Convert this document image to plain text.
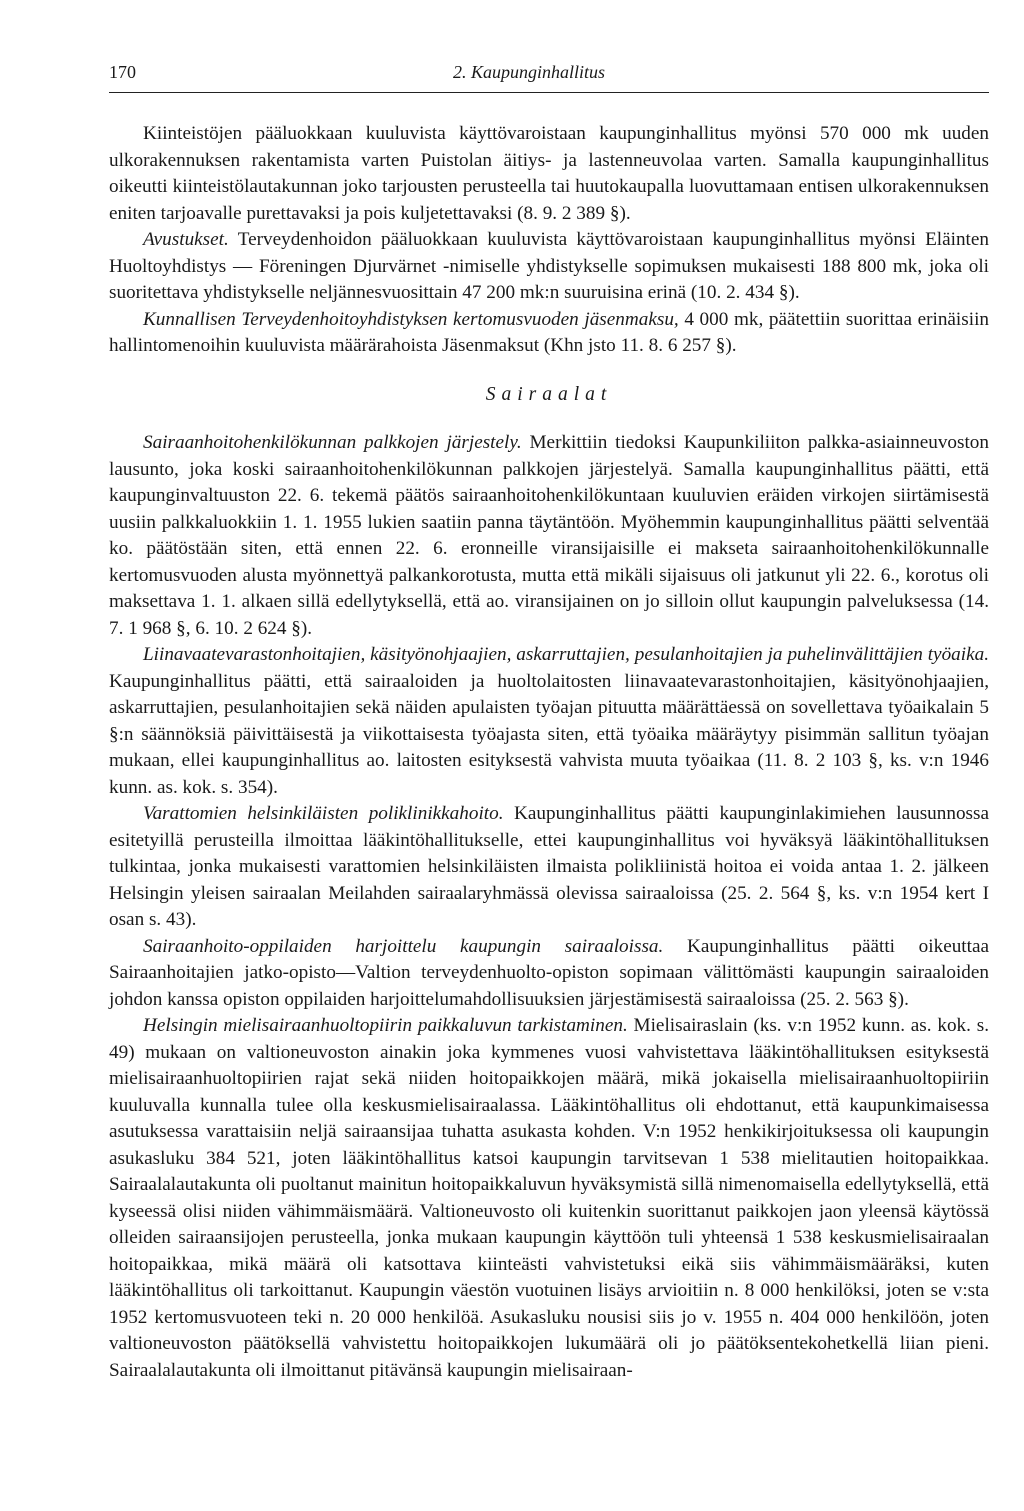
170	2. Kaupunginhallitus

Kiinteistöjen pääluokkaan kuuluvista käyttövaroistaan kaupunginhallitus myönsi 570 000 mk uuden ulkorakennuksen rakentamista varten Puistolan äitiys- ja lastenneuvolaa varten. Samalla kaupunginhallitus oikeutti kiinteistölautakunnan joko tarjousten perusteella tai huutokaupalla luovuttamaan entisen ulkorakennuksen eniten tarjoavalle purettavaksi ja pois kuljetettavaksi (8. 9. 2 389 §).

Avustukset. Terveydenhoidon pääluokkaan kuuluvista käyttövaroistaan kaupunginhallitus myönsi Eläinten Huoltoyhdistys — Föreningen Djurvärnet -nimiselle yhdistykselle sopimuksen mukaisesti 188 800 mk, joka oli suoritettava yhdistykselle neljännesvuosittain 47 200 mk:n suuruisina erinä (10. 2. 434 §).

Kunnallisen Terveydenhoitoyhdistyksen kertomusvuoden jäsenmaksu, 4 000 mk, päätettiin suorittaa erinäisiin hallintomenoihin kuuluvista määrärahoista Jäsenmaksut (Khn jsto 11. 8. 6 257 §).

Sairaalat

Sairaanhoitohenkilökunnan palkkojen järjestely. Merkittiin tiedoksi Kaupunkiliiton palkka-asiainneuvoston lausunto, joka koski sairaanhoitohenkilökunnan palkkojen järjestelyä. Samalla kaupunginhallitus päätti, että kaupunginvaltuuston 22. 6. tekemä päätös sairaanhoitohenkilökuntaan kuuluvien eräiden virkojen siirtämisestä uusiin palkkaluokkiin 1. 1. 1955 lukien saatiin panna täytäntöön. Myöhemmin kaupunginhallitus päätti selventää ko. päätöstään siten, että ennen 22. 6. eronneille viransijaisille ei makseta sairaanhoitohenkilökunnalle kertomusvuoden alusta myönnettyä palkankorotusta, mutta että mikäli sijaisuus oli jatkunut yli 22. 6., korotus oli maksettava 1. 1. alkaen sillä edellytyksellä, että ao. viransijainen on jo silloin ollut kaupungin palveluksessa (14. 7. 1 968 §, 6. 10. 2 624 §).

Liinavaatevarastonhoitajien, käsityönohjaajien, askarruttajien, pesulanhoitajien ja puhelinvälittäjien työaika. Kaupunginhallitus päätti, että sairaaloiden ja huoltolaitosten liinavaatevarastonhoitajien, käsityönohjaajien, askarruttajien, pesulanhoitajien sekä näiden apulaisten työajan pituutta määrättäessä on sovellettava työaikalain 5 §:n säännöksiä päivittäisestä ja viikottaisesta työajasta siten, että työaika määräytyy pisimmän sallitun työajan mukaan, ellei kaupunginhallitus ao. laitosten esityksestä vahvista muuta työaikaa (11. 8. 2 103 §, ks. v:n 1946 kunn. as. kok. s. 354).

Varattomien helsinkiläisten poliklinikkahoito. Kaupunginhallitus päätti kaupunginlakimiehen lausunnossa esitetyillä perusteilla ilmoittaa lääkintöhallitukselle, ettei kaupunginhallitus voi hyväksyä lääkintöhallituksen tulkintaa, jonka mukaisesti varattomien helsinkiläisten ilmaista polikliinistä hoitoa ei voida antaa 1. 2. jälkeen Helsingin yleisen sairaalan Meilahden sairaalaryhmässä olevissa sairaaloissa (25. 2. 564 §, ks. v:n 1954 kert I osan s. 43).

Sairaanhoito-oppilaiden harjoittelu kaupungin sairaaloissa. Kaupunginhallitus päätti oikeuttaa Sairaanhoitajien jatko-opisto—Valtion terveydenhuolto-opiston sopimaan välittömästi kaupungin sairaaloiden johdon kanssa opiston oppilaiden harjoittelumahdollisuuksien järjestämisestä sairaaloissa (25. 2. 563 §).

Helsingin mielisairaanhuoltopiirin paikkaluvun tarkistaminen. Mielisairaslain (ks. v:n 1952 kunn. as. kok. s. 49) mukaan on valtioneuvoston ainakin joka kymmenes vuosi vahvistettava lääkintöhallituksen esityksestä mielisairaanhuoltopiirien rajat sekä niiden hoitopaikkojen määrä, mikä jokaisella mielisairaanhuoltopiiriin kuuluvalla kunnalla tulee olla keskusmielisairaalassa. Lääkintöhallitus oli ehdottanut, että kaupunkimaisessa asutuksessa varattaisiin neljä sairaansijaa tuhatta asukasta kohden. V:n 1952 henkikirjoituksessa oli kaupungin asukasluku 384 521, joten lääkintöhallitus katsoi kaupungin tarvitsevan 1 538 mielitautien hoitopaikkaa. Sairaalalautakunta oli puoltanut mainitun hoitopaikkaluvun hyväksymistä sillä nimenomaisella edellytyksellä, että kyseessä olisi niiden vähimmäismäärä. Valtioneuvosto oli kuitenkin suorittanut paikkojen jaon yleensä käytössä olleiden sairaansijojen perusteella, jonka mukaan kaupungin käyttöön tuli yhteensä 1 538 keskusmielisairaalan hoitopaikkaa, mikä määrä oli katsottava kiinteästi vahvistetuksi eikä siis vähimmäismääräksi, kuten lääkintöhallitus oli tarkoittanut. Kaupungin väestön vuotuinen lisäys arvioitiin n. 8 000 henkilöksi, joten se v:sta 1952 kertomusvuoteen teki n. 20 000 henkilöä. Asukasluku nousisi siis jo v. 1955 n. 404 000 henkilöön, joten valtioneuvoston päätöksellä vahvistettu hoitopaikkojen lukumäärä oli jo päätöksentekohetkellä liian pieni. Sairaalalautakunta oli ilmoittanut pitävänsä kaupungin mielisairaan-
